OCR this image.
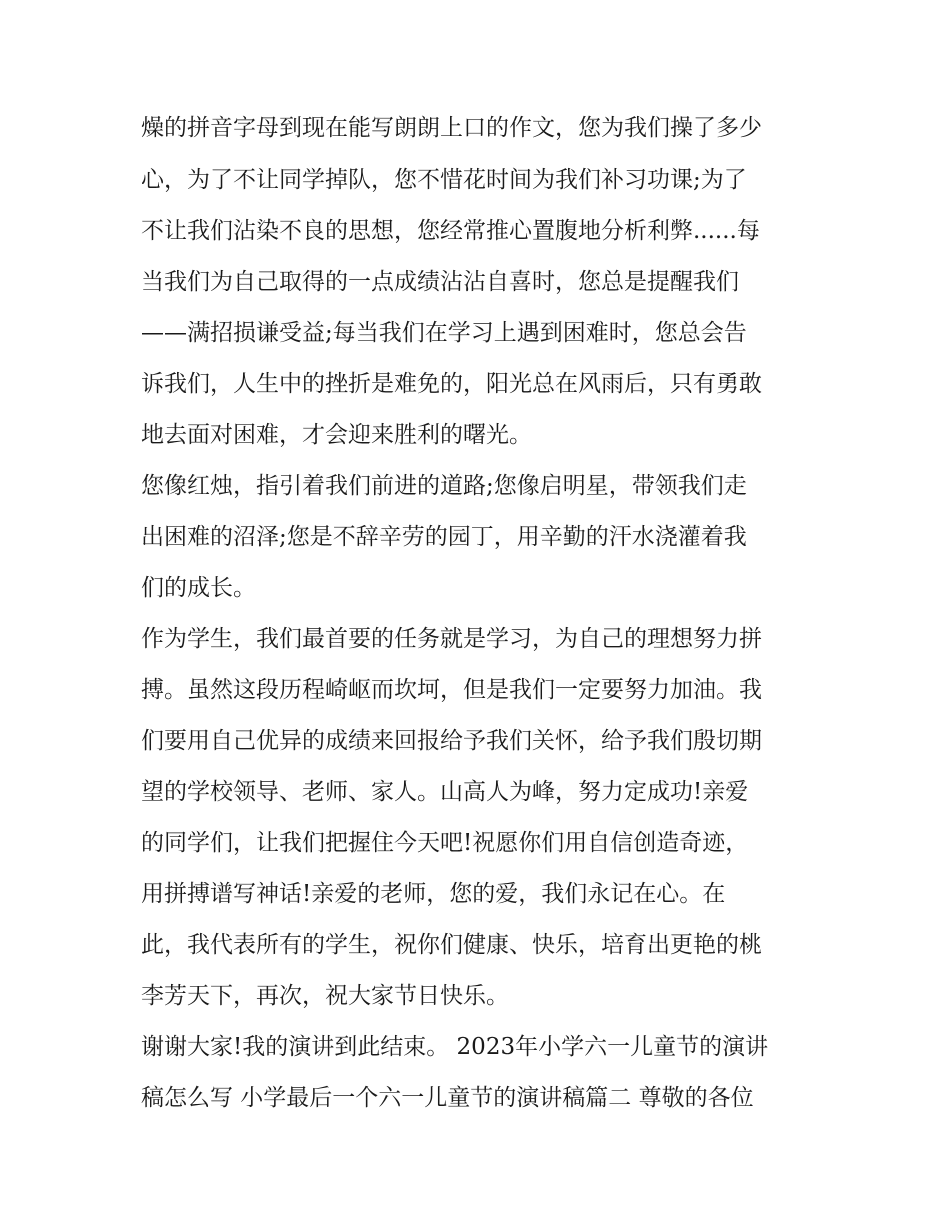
燥的拼音字母到现在能写朗朗上口的作文，您为我们操了多少
心，为了不让同学掉队，您不惜花时间为我们补习功课;为了
不让我们沾染不良的思想，您经常推心置腹地分析利弊......每
当我们为自己取得的一点成绩沾沾自喜时，您总是提醒我们
——满招损谦受益;每当我们在学习上遇到困难时，您总会告
诉我们，人生中的挫折是难免的，阳光总在风雨后，只有勇敢
地去面对困难，才会迎来胜利的曙光。
您像红烛，指引着我们前进的道路;您像启明星，带领我们走
出困难的沼泽;您是不辞辛劳的园丁，用辛勤的汗水浇灌着我
们的成长。
作为学生，我们最首要的任务就是学习，为自己的理想努力拼
搏。虽然这段历程崎岖而坎坷，但是我们一定要努力加油。我
们要用自己优异的成绩来回报给予我们关怀，给予我们殷切期
望的学校领导、老师、家人。山高人为峰，努力定成功!亲爱
的同学们，让我们把握住今天吧!祝愿你们用自信创造奇迹，
用拼搏谱写神话!亲爱的老师，您的爱，我们永记在心。在
此，我代表所有的学生，祝你们健康、快乐，培育出更艳的桃
李芳天下，再次，祝大家节日快乐。
谢谢大家!我的演讲到此结束。 2023年小学六一儿童节的演讲
稿怎么写 小学最后一个六一儿童节的演讲稿篇二 尊敬的各位
